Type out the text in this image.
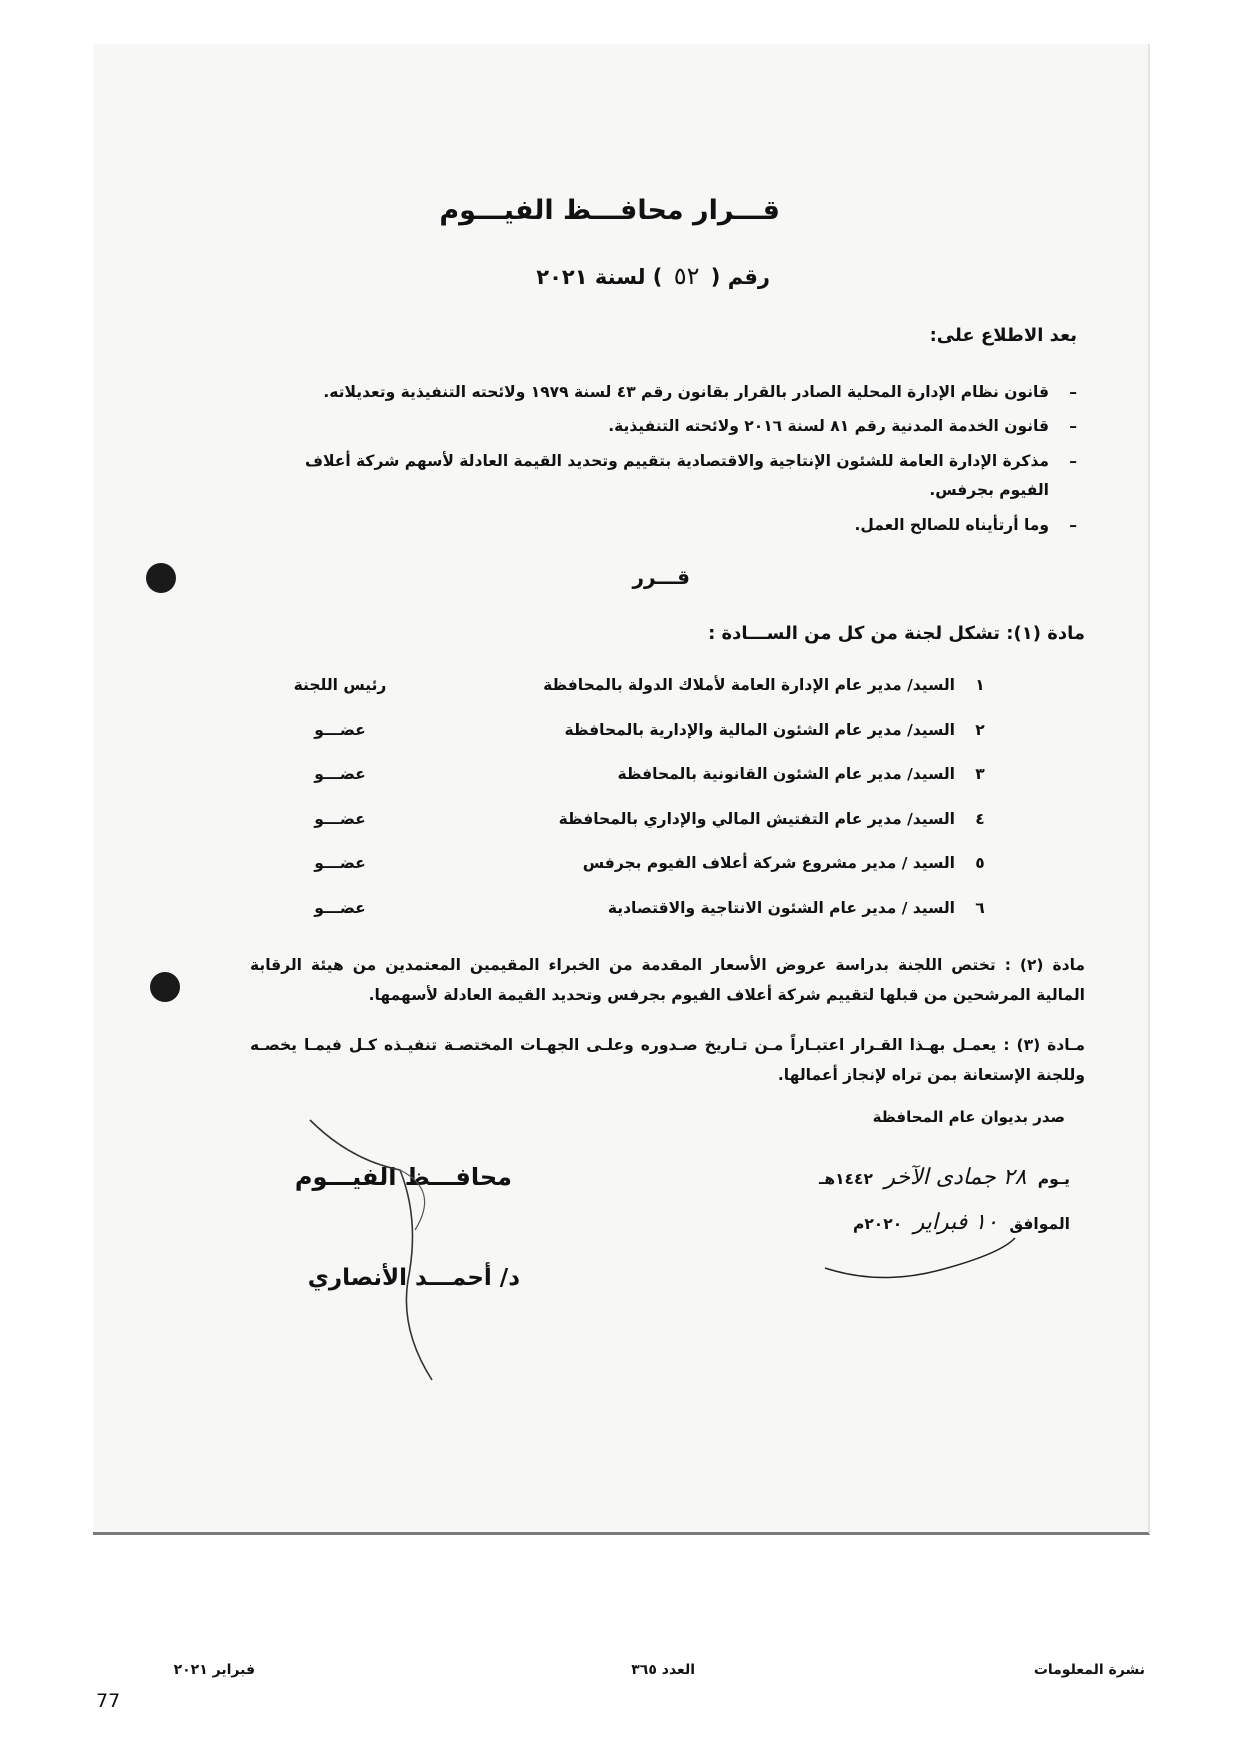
قـــرار محافـــظ الفيـــوم
رقم ( ٥٢ ) لسنة ٢٠٢١
بعد الاطلاع على:
–
قانون نظام الإدارة المحلية الصادر بالقرار بقانون رقم ٤٣ لسنة ١٩٧٩ ولائحته التنفيذية وتعديلاته.
–
قانون الخدمة المدنية رقم ٨١ لسنة ٢٠١٦ ولائحته التنفيذية.
–
مذكرة الإدارة العامة للشئون الإنتاجية والاقتصادية بتقييم وتحديد القيمة العادلة لأسهم شركة أعلاف الفيوم بجرفس.
–
وما أرتأيناه للصالح العمل.
قـــرر
مادة (١): تشكل لجنة من كل من الســـادة :
١	السيد/ مدير عام الإدارة العامة لأملاك الدولة بالمحافظة	رئيس اللجنة
٢	السيد/ مدير عام الشئون المالية والإدارية بالمحافظة	عضـــو
٣	السيد/ مدير عام الشئون القانونية بالمحافظة	عضـــو
٤	السيد/ مدير عام التفتيش المالي والإداري بالمحافظة	عضـــو
٥	السيد / مدير مشروع شركة أعلاف الفيوم بجرفس	عضـــو
٦	السيد / مدير عام الشئون الانتاجية والاقتصادية	عضـــو
مادة (٢) : تختص اللجنة بدراسة عروض الأسعار المقدمة من الخبراء المقيمين المعتمدين من هيئة الرقابة المالية المرشحين من قبلها لتقييم شركة أعلاف الفيوم بجرفس وتحديد القيمة العادلة لأسهمها.
مـادة (٣) : يعمـل بهـذا القـرار اعتبـاراً مـن تـاريخ صـدوره وعلـى الجهـات المختصـة تنفيـذه كـل فيمـا يخصـه وللجنة الإستعانة بمن تراه لإنجاز أعمالها.
صدر بديوان عام المحافظة
يـوم ٢٨ جمادى الآخر ١٤٤٢هـ
الموافق ١٠ فبراير ٢٠٢٠م
محافـــظ الفيـــوم
د/ أحمـــد الأنصاري
نشرة المعلومات
العدد ٣٦٥
فبراير ٢٠٢١
77
